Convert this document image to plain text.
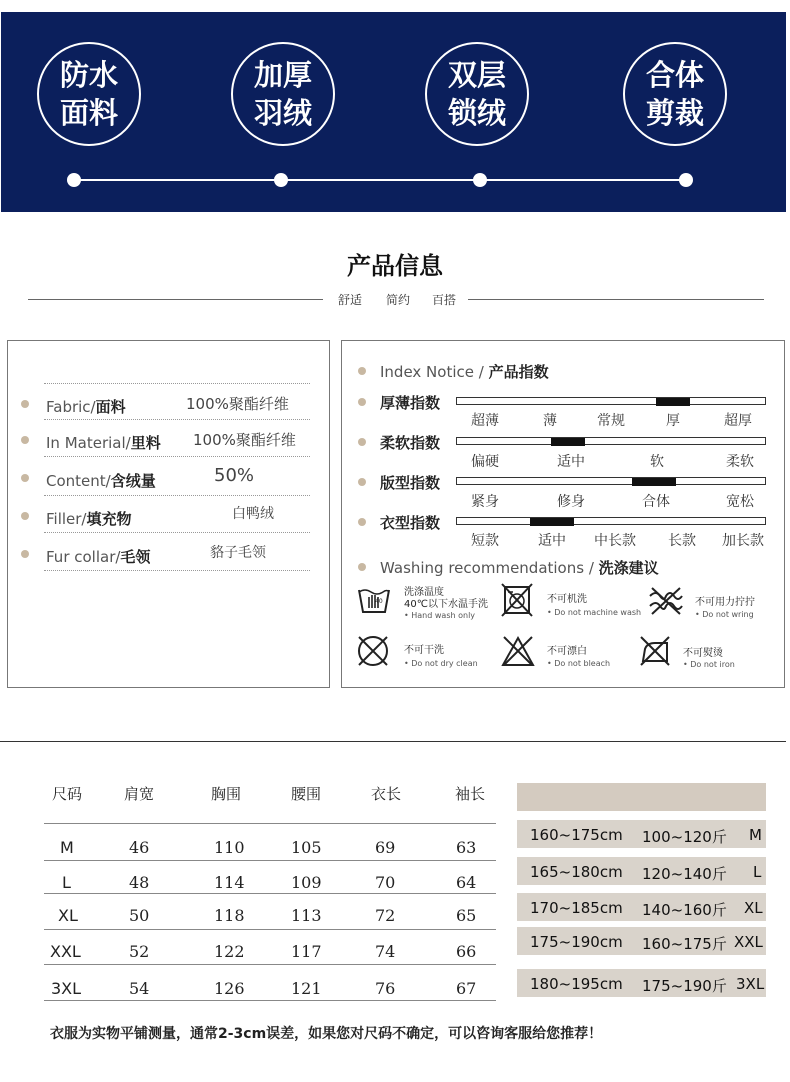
防水
面料
加厚
羽绒
双层
锁绒
合体
剪裁
产品信息
舒适 简约 百搭
Fabric/面料	100%聚酯纤维
In Material/里料 100%聚酯纤维
Content/含绒量	50%
Filler/填充物	白鸭绒
Fur collar/毛领	貉子毛领
Index Notice / 产品指数
厚薄指数
超薄	薄	常规	厚	超厚
柔软指数
偏硬	适中	软	柔软
版型指数
紧身	修身	合体	宽松
衣型指数
短款	适中 中长款 长款 加长款
Washing recommendations / 洗涤建议
40
洗涤温度
40℃以下水温手洗
• Hand wash only
不可机洗
• Do not machine wash
不可用力拧拧
• Do not wring
不可干洗
• Do not dry clean
不可漂白
• Do not bleach
不可熨烫
• Do not iron
尺码	肩宽	胸围	腰围	衣长	袖长
M	46	110	105	69	63
L	48	114	109	70	64
XL	50	118	113	72	65
XXL	52	122	117	74	66
3XL	54	126	121	76	67
160~175cm 100~120斤 M
165~180cm 120~140斤 L
170~185cm 140~160斤 XL
175~190cm 160~175斤 XXL
180~195cm 175~190斤 3XL
衣服为实物平铺测量，通常2-3cm误差，如果您对尺码不确定，可以咨询客服给您推荐！
